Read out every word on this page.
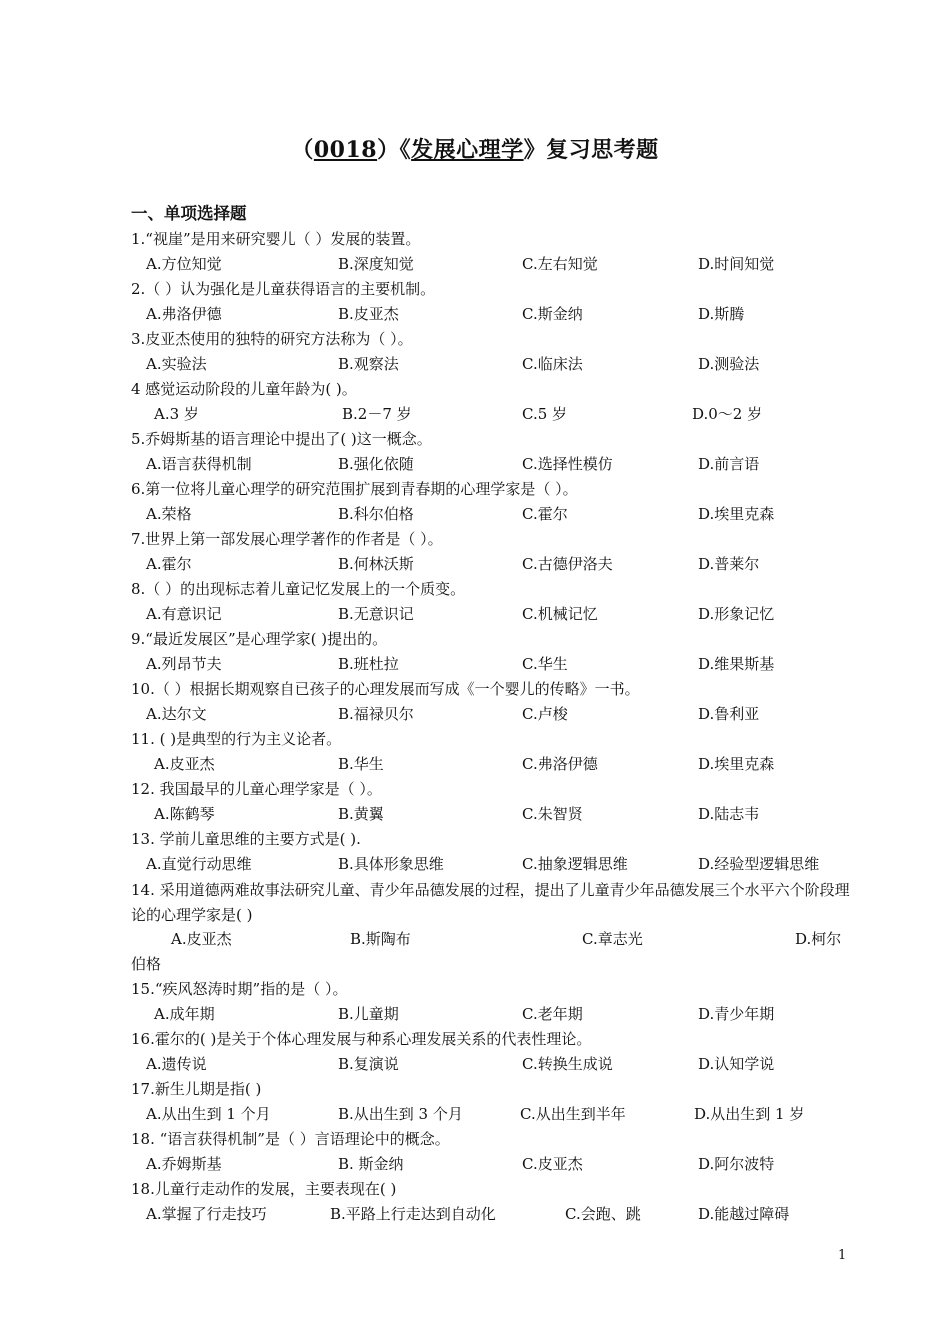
（0018）《发展心理学》复习思考题
一、单项选择题
1.“视崖”是用来研究婴儿（ ）发展的装置。
A.方位知觉	B.深度知觉	C.左右知觉	D.时间知觉
2.（ ）认为强化是儿童获得语言的主要机制。
A.弗洛伊德	B.皮亚杰	C.斯金纳	D.斯腾
3.皮亚杰使用的独特的研究方法称为（ ）。
A.实验法	B.观察法	C.临床法	D.测验法
4 感觉运动阶段的儿童年龄为( )。
A.3 岁	B.2－7 岁	C.5 岁	D.0～2 岁
5.乔姆斯基的语言理论中提出了( )这一概念。
A.语言获得机制	B.强化依随	C.选择性模仿	D.前言语
6.第一位将儿童心理学的研究范围扩展到青春期的心理学家是（ ）。
A.荣格	B.科尔伯格	C.霍尔	D.埃里克森
7.世界上第一部发展心理学著作的作者是（ ）。
A.霍尔	B.何林沃斯	C.古德伊洛夫	D.普莱尔
8.（ ）的出现标志着儿童记忆发展上的一个质变。
A.有意识记	B.无意识记	C.机械记忆	D.形象记忆
9.“最近发展区”是心理学家( )提出的。
A.列昂节夫	B.班杜拉	C.华生	D.维果斯基
10.（ ）根据长期观察自已孩子的心理发展而写成《一个婴儿的传略》一书。
A.达尔文	B.福禄贝尔	C.卢梭	D.鲁利亚
11. ( )是典型的行为主义论者。
A.皮亚杰	B.华生	C.弗洛伊德	D.埃里克森
12. 我国最早的儿童心理学家是（ ）。
A.陈鹤琴	B.黄翼	C.朱智贤	D.陆志韦
13. 学前儿童思维的主要方式是( ).
A.直觉行动思维	B.具体形象思维	C.抽象逻辑思维	D.经验型逻辑思维
14. 采用道德两难故事法研究儿童、青少年品德发展的过程，提出了儿童青少年品德发展三个水平六个阶段理论的心理学家是( )
A.皮亚杰	B.斯陶布	C.章志光	D.柯尔
伯格
15.“疾风怒涛时期”指的是（ ）。
A.成年期	B.儿童期	C.老年期	D.青少年期
16.霍尔的( )是关于个体心理发展与种系心理发展关系的代表性理论。
A.遗传说	B.复演说	C.转换生成说	D.认知学说
17.新生儿期是指( )
A.从出生到 1 个月	B.从出生到 3 个月	C.从出生到半年	D.从出生到 1 岁
18. “语言获得机制”是（ ）言语理论中的概念。
A.乔姆斯基	B. 斯金纳	C.皮亚杰	D.阿尔波特
18.儿童行走动作的发展，主要表现在( )
A.掌握了行走技巧	B.平路上行走达到自动化	C.会跑、跳	D.能越过障碍
1
